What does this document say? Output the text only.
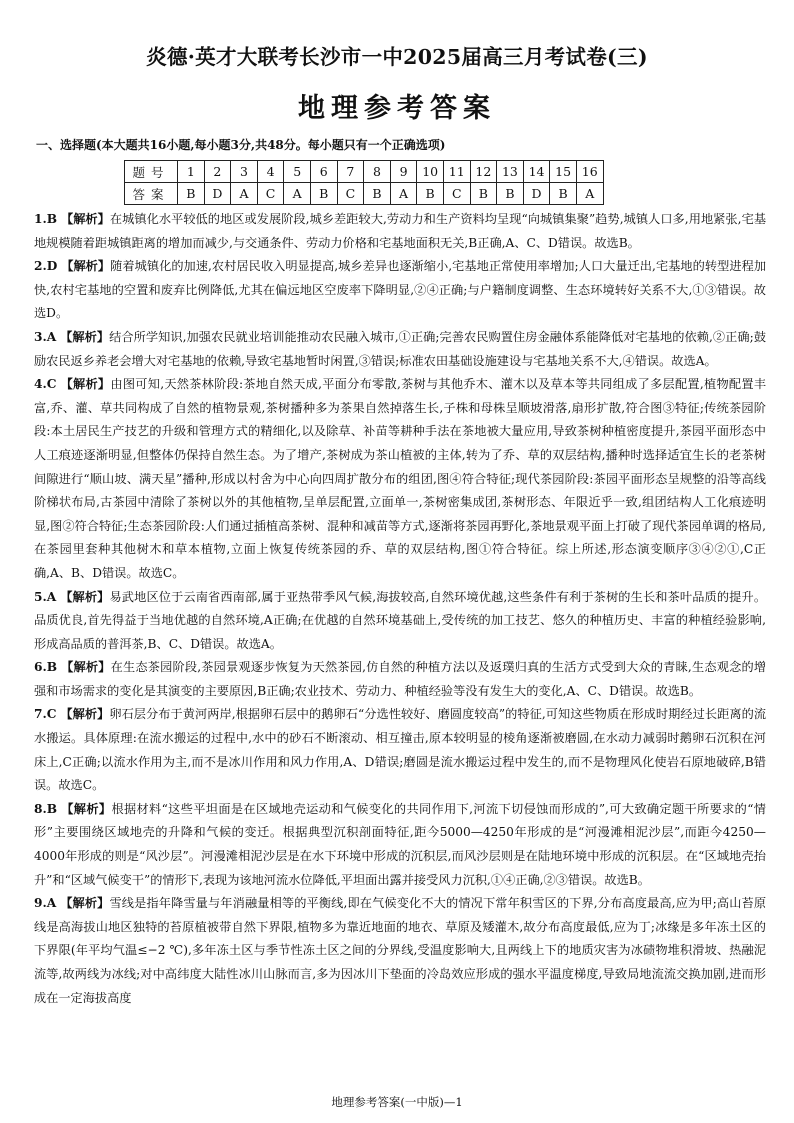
炎德·英才大联考长沙市一中2025届高三月考试卷(三)
地理参考答案
一、选择题(本大题共16小题,每小题3分,共48分。每小题只有一个正确选项)
题号	1	2	3	4	5	6	7	8	9	10	11	12	13	14	15	16
答案	B	D	A	C	A	B	C	B	A	B	C	B	B	D	B	A

1.B 【解析】在城镇化水平较低的地区或发展阶段,城乡差距较大,劳动力和生产资料均呈现“向城镇集聚”趋势,城镇人口多,用地紧张,宅基地规模随着距城镇距离的增加而减少,与交通条件、劳动力价格和宅基地面积无关,B正确,A、C、D错误。故选B。

2.D 【解析】随着城镇化的加速,农村居民收入明显提高,城乡差异也逐渐缩小,宅基地正常使用率增加;人口大量迁出,宅基地的转型进程加快,农村宅基地的空置和废弃比例降低,尤其在偏远地区空废率下降明显,②④正确;与户籍制度调整、生态环境转好关系不大,①③错误。故选D。

3.A 【解析】结合所学知识,加强农民就业培训能推动农民融入城市,①正确;完善农民购置住房金融体系能降低对宅基地的依赖,②正确;鼓励农民返乡养老会增大对宅基地的依赖,导致宅基地暂时闲置,③错误;标准农田基础设施建设与宅基地关系不大,④错误。故选A。

4.C 【解析】由图可知,天然茶林阶段:茶地自然天成,平面分布零散,茶树与其他乔木、灌木以及草本等共同组成了多层配置,植物配置丰富,乔、灌、草共同构成了自然的植物景观,茶树播种多为茶果自然掉落生长,子株和母株呈顺坡滑落,扇形扩散,符合图③特征;传统茶园阶段:本土居民生产技艺的升级和管理方式的精细化,以及除草、补苗等耕种手法在茶地被大量应用,导致茶树种植密度提升,茶园平面形态中人工痕迹逐渐明显,但整体仍保持自然生态。为了增产,茶树成为茶山植被的主体,转为了乔、草的双层结构,播种时选择适宜生长的老茶树间隙进行“顺山坡、满天星”播种,形成以村舍为中心向四周扩散分布的组团,图④符合特征;现代茶园阶段:茶园平面形态呈规整的沿等高线阶梯状布局,古茶园中清除了茶树以外的其他植物,呈单层配置,立面单一,茶树密集成团,茶树形态、年限近乎一致,组团结构人工化痕迹明显,图②符合特征;生态茶园阶段:人们通过插植高茶树、混种和减苗等方式,逐渐将茶园再野化,茶地景观平面上打破了现代茶园单调的格局,在茶园里套种其他树木和草本植物,立面上恢复传统茶园的乔、草的双层结构,图①符合特征。综上所述,形态演变顺序③④②①,C正确,A、B、D错误。故选C。

5.A 【解析】易武地区位于云南省西南部,属于亚热带季风气候,海拔较高,自然环境优越,这些条件有利于茶树的生长和茶叶品质的提升。品质优良,首先得益于当地优越的自然环境,A正确;在优越的自然环境基础上,受传统的加工技艺、悠久的种植历史、丰富的种植经验影响,形成高品质的普洱茶,B、C、D错误。故选A。

6.B 【解析】在生态茶园阶段,茶园景观逐步恢复为天然茶园,仿自然的种植方法以及返璞归真的生活方式受到大众的青睐,生态观念的增强和市场需求的变化是其演变的主要原因,B正确;农业技术、劳动力、种植经验等没有发生大的变化,A、C、D错误。故选B。

7.C 【解析】卵石层分布于黄河两岸,根据卵石层中的鹅卵石“分选性较好、磨圆度较高”的特征,可知这些物质在形成时期经过长距离的流水搬运。具体原理:在流水搬运的过程中,水中的砂石不断滚动、相互撞击,原本较明显的棱角逐渐被磨圆,在水动力减弱时鹅卵石沉积在河床上,C正确;以流水作用为主,而不是冰川作用和风力作用,A、D错误;磨圆是流水搬运过程中发生的,而不是物理风化使岩石原地破碎,B错误。故选C。

8.B 【解析】根据材料“这些平坦面是在区域地壳运动和气候变化的共同作用下,河流下切侵蚀而形成的”,可大致确定题干所要求的“情形”主要围绕区域地壳的升降和气候的变迁。根据典型沉积剖面特征,距今5000—4250年形成的是“河漫滩相泥沙层”,而距今4250—4000年形成的则是“风沙层”。河漫滩相泥沙层是在水下环境中形成的沉积层,而风沙层则是在陆地环境中形成的沉积层。在“区域地壳抬升”和“区域气候变干”的情形下,表现为该地河流水位降低,平坦面出露并接受风力沉积,①④正确,②③错误。故选B。

9.A 【解析】雪线是指年降雪量与年消融量相等的平衡线,即在气候变化不大的情况下常年积雪区的下界,分布高度最高,应为甲;高山苔原线是高海拔山地区独特的苔原植被带自然下界限,植物多为靠近地面的地衣、草原及矮灌木,故分布高度最低,应为丁;冰缘是多年冻土区的下界限(年平均气温≤−2 ℃),多年冻土区与季节性冻土区之间的分界线,受温度影响大,且两线上下的地质灾害为冰碛物堆积滑坡、热融泥流等,故两线为冰线;对中高纬度大陆性冰川山脉而言,多为因冰川下垫面的冷岛效应形成的强水平温度梯度,导致局地流流交换加剧,进而形成在一定海拔高度

地理参考答案(一中版)—1
